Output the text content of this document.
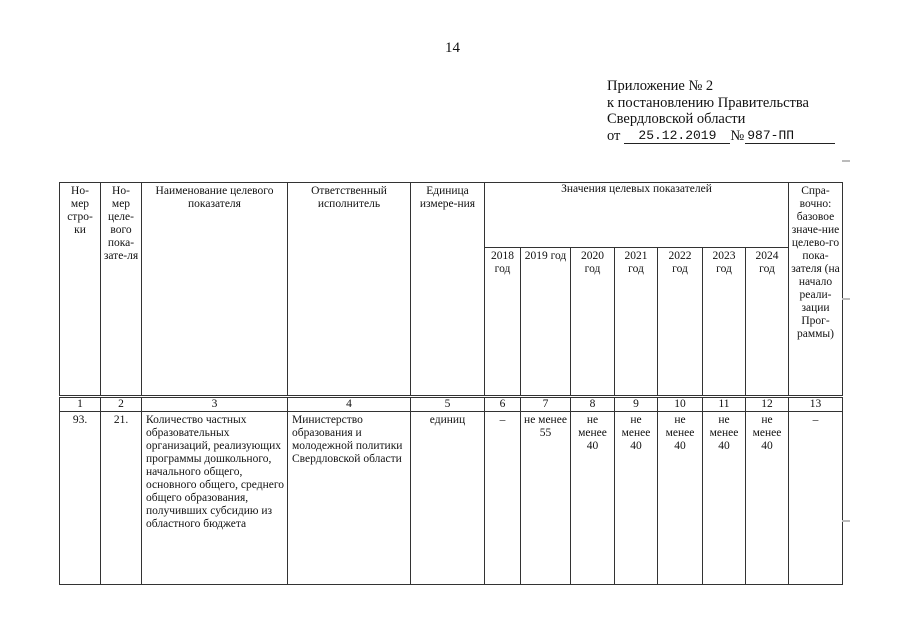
14
Приложение № 2
к постановлению Правительства
Свердловской области
от	25.12.2019 № 987-ПП
Но-мер стро-ки	Но-мер целе-вого пока-зате-ля	Наименование целевого показателя	Ответственный исполнитель	Единица измере-ния	Значения целевых показателей							Спра-вочно: базовое значе-ние целево-го пока-зателя (на начало реали-зации Прог-раммы)
					2018 год	2019 год	2020 год	2021 год	2022 год	2023 год	2024 год	
1	2	3	4	5	6	7	8	9	10	11	12	13
93.	21.	Количество частных образовательных организаций, реализующих программы дошкольного, начального общего, основного общего, среднего общего образования, получивших субсидию из областного бюджета	Министерство образования и молодежной политики Свердловской области	единиц	–	не менее 55	не менее 40	не менее 40	не менее 40	не менее 40	не менее 40	–
